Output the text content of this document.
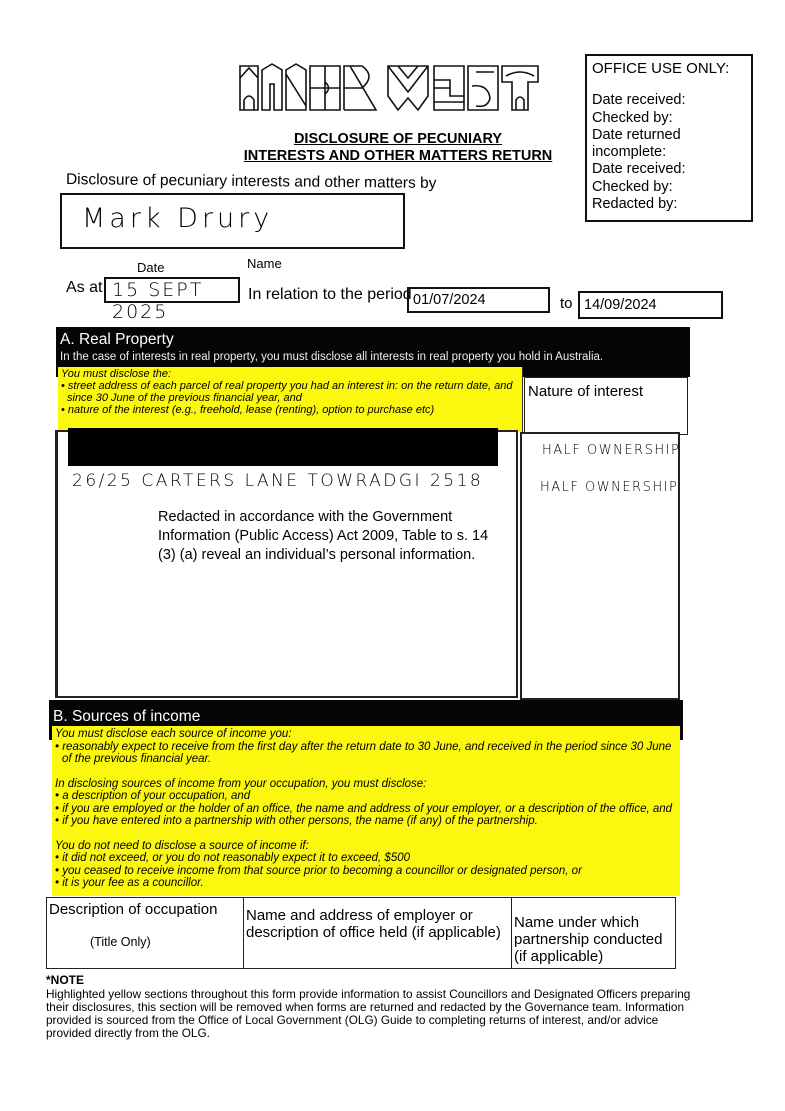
DISCLOSURE OF PECUNIARY
INTERESTS AND OTHER MATTERS RETURN
OFFICE USE ONLY:
Date received:
Checked by:
Date returned
incomplete:
Date received:
Checked by:
Redacted by:
Disclosure of pecuniary interests and other matters by
Mark Drury
Name
Date
As at 15 SEPT 2025
In relation to the period 01/07/2024	to 14/09/2024
A. Real Property
In the case of interests in real property, you must disclose all interests in real property you hold in Australia.
You must disclose the:
• street address of each parcel of real property you had an interest in: on the return date, and since 30 June of the previous financial year, and
• nature of the interest (e.g., freehold, lease (renting), option to purchase etc)
Nature of interest
26/25 CARTERS LANE TOWRADGI 2518
Redacted in accordance with the Government Information (Public Access) Act 2009, Table to s. 14 (3) (a) reveal an individual’s personal information.
HALF OWNERSHIP
HALF OWNERSHIP
B. Sources of income

You must disclose each source of income you:

• reasonably expect to receive from the first day after the return date to 30 June, and received in the period since 30 June of the previous financial year.

In disclosing sources of income from your occupation, you must disclose:

• a description of your occupation, and

• if you are employed or the holder of an office, the name and address of your employer, or a description of the office, and

• if you have entered into a partnership with other persons, the name (if any) of the partnership.

You do not need to disclose a source of income if:

• it did not exceed, or you do not reasonably expect it to exceed, $500

• you ceased to receive income from that source prior to becoming a councillor or designated person, or

• it is your fee as a councillor.

Description of occupation
(Title Only)
Name and address of employer or description of office held (if applicable)
Name under which partnership conducted (if applicable)
*NOTE
Highlighted yellow sections throughout this form provide information to assist Councillors and Designated Officers preparing their disclosures, this section will be removed when forms are returned and redacted by the Governance team. Information provided is sourced from the Office of Local Government (OLG) Guide to completing returns of interest, and/or advice provided directly from the OLG.
